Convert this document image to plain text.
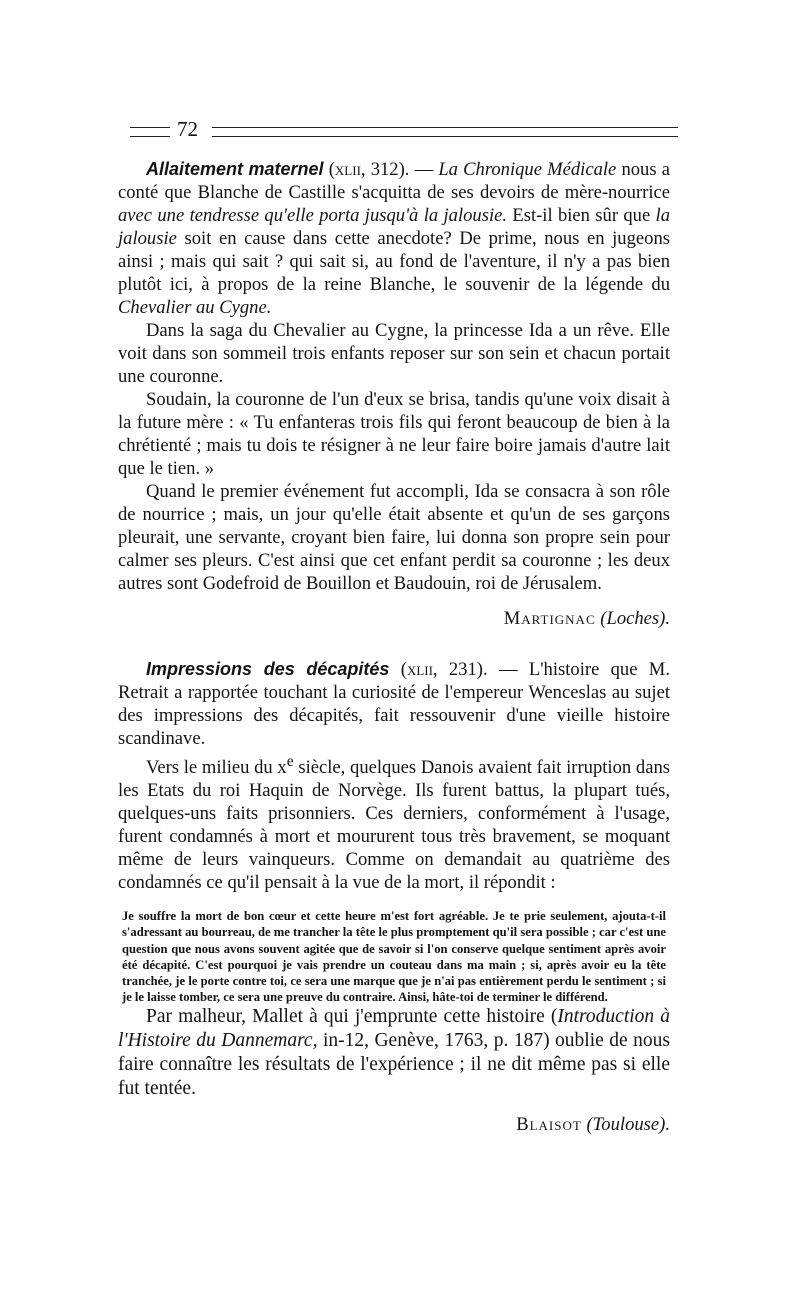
72

Allaitement maternel (xlii, 312). — La Chronique Médicale nous a conté que Blanche de Castille s'acquitta de ses devoirs de mère-nourrice avec une tendresse qu'elle porta jusqu'à la jalousie. Est-il bien sûr que la jalousie soit en cause dans cette anecdote? De prime, nous en jugeons ainsi ; mais qui sait ? qui sait si, au fond de l'aventure, il n'y a pas bien plutôt ici, à propos de la reine Blanche, le souvenir de la légende du Chevalier au Cygne.

Dans la saga du Chevalier au Cygne, la princesse Ida a un rêve. Elle voit dans son sommeil trois enfants reposer sur son sein et chacun portait une couronne.

Soudain, la couronne de l'un d'eux se brisa, tandis qu'une voix disait à la future mère : « Tu enfanteras trois fils qui feront beaucoup de bien à la chrétienté ; mais tu dois te résigner à ne leur faire boire jamais d'autre lait que le tien. »

Quand le premier événement fut accompli, Ida se consacra à son rôle de nourrice ; mais, un jour qu'elle était absente et qu'un de ses garçons pleurait, une servante, croyant bien faire, lui donna son propre sein pour calmer ses pleurs. C'est ainsi que cet enfant perdit sa couronne ; les deux autres sont Godefroid de Bouillon et Baudouin, roi de Jérusalem.

Martignac (Loches).

Impressions des décapités (xlii, 231). — L'histoire que M. Retrait a rapportée touchant la curiosité de l'empereur Wenceslas au sujet des impressions des décapités, fait ressouvenir d'une vieille histoire scandinave.

Vers le milieu du $x^e$ siècle, quelques Danois avaient fait irruption dans les Etats du roi Haquin de Norvège. Ils furent battus, la plupart tués, quelques-uns faits prisonniers. Ces derniers, conformément à l'usage, furent condamnés à mort et moururent tous très bravement, se moquant même de leurs vainqueurs. Comme on demandait au quatrième des condamnés ce qu'il pensait à la vue de la mort, il répondit :

Je souffre la mort de bon cœur et cette heure m'est fort agréable. Je te prie seulement, ajouta-t-il s'adressant au bourreau, de me trancher la tête le plus promptement qu'il sera possible ; car c'est une question que nous avons souvent agitée que de savoir si l'on conserve quelque sentiment après avoir été décapité. C'est pourquoi je vais prendre un couteau dans ma main ; si, après avoir eu la tête tranchée, je le porte contre toi, ce sera une marque que je n'ai pas entièrement perdu le sentiment ; si je le laisse tomber, ce sera une preuve du contraire. Ainsi, hâte-toi de terminer le différend.

Par malheur, Mallet à qui j'emprunte cette histoire (Introduction à l'Histoire du Dannemarc, in-12, Genève, 1763, p. 187) oublie de nous faire connaître les résultats de l'expérience ; il ne dit même pas si elle fut tentée.

Blaisot (Toulouse).
